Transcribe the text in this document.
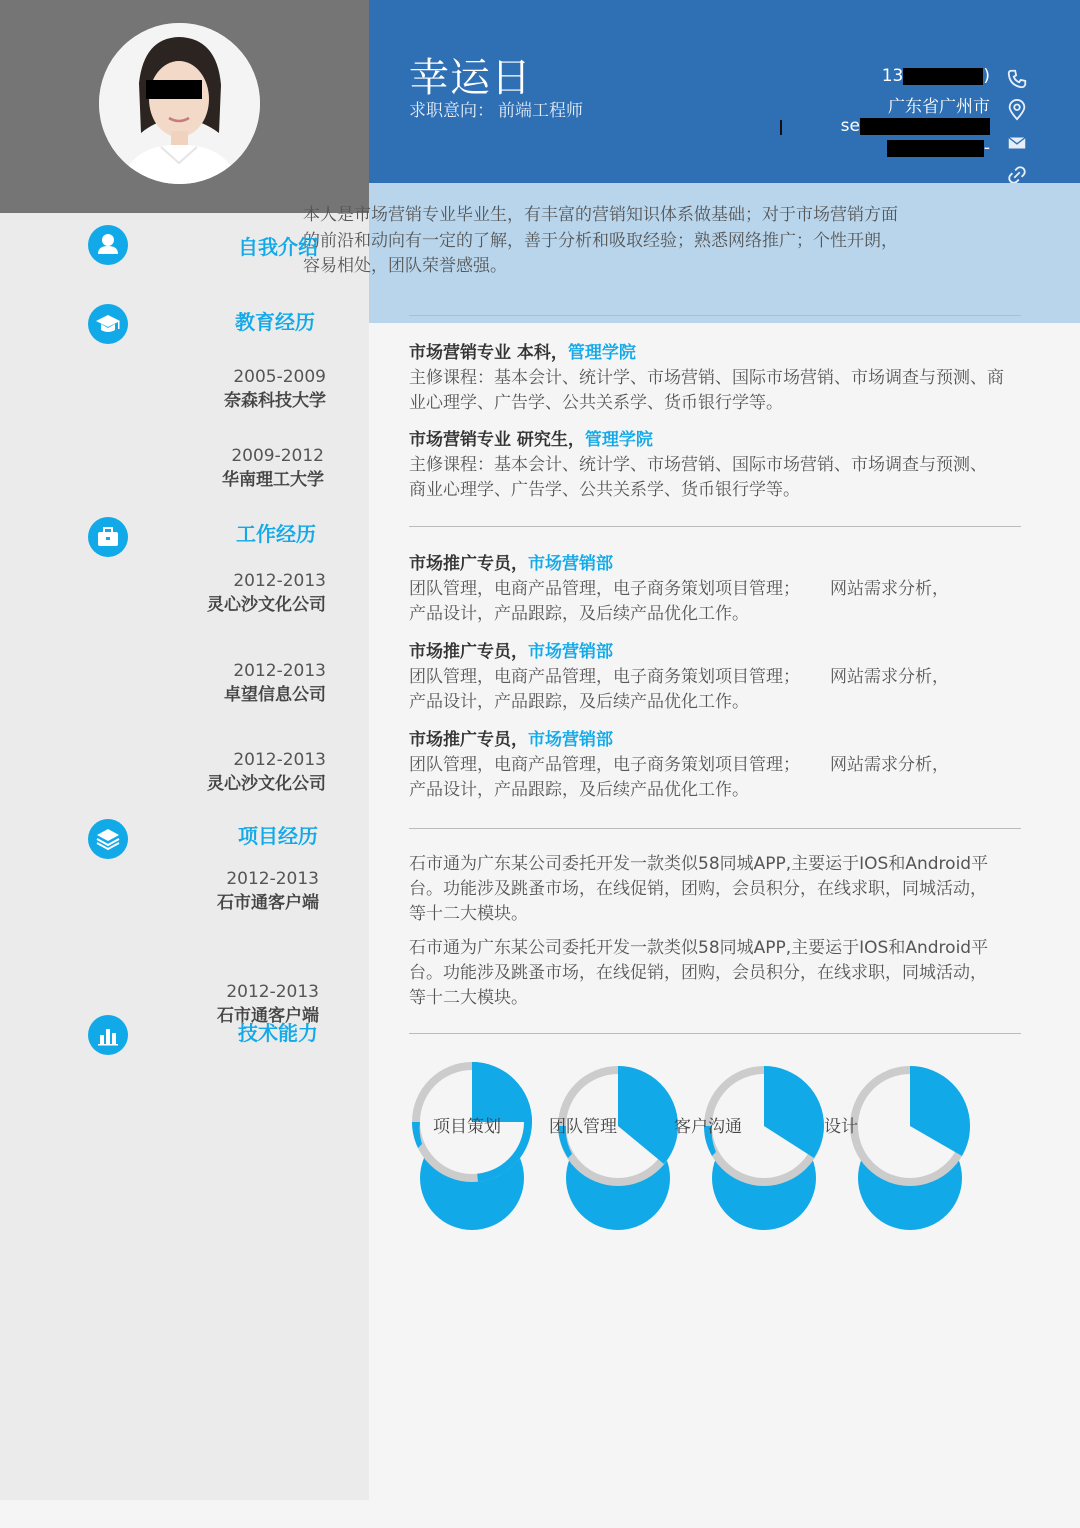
幸运日
求职意向： 前端工程师
13	)
广东省广州市
se
-
本人是市场营销专业毕业生，有丰富的营销知识体系做基础；对于市场营销方面的前沿和动向有一定的了解，善于分析和吸取经验；熟悉网络推广；个性开朗，容易相处，团队荣誉感强。
自我介绍
教育经历
2005-2009
奈森科技大学
2009-2012
华南理工大学
工作经历
2012-2013
灵心沙文化公司
2012-2013
卓望信息公司
2012-2013
灵心沙文化公司
项目经历
2012-2013
石市通客户端
2012-2013
石市通客户端
技术能力
市场营销专业 本科，管理学院
主修课程：基本会计、统计学、市场营销、国际市场营销、市场调查与预测、商业心理学、广告学、公共关系学、货币银行学等。
市场营销专业 研究生，管理学院
主修课程：基本会计、统计学、市场营销、国际市场营销、市场调查与预测、商业心理学、广告学、公共关系学、货币银行学等。
市场推广专员，市场营销部
团队管理，电商产品管理，电子商务策划项目管理； 网站需求分析，
产品设计，产品跟踪，及后续产品优化工作。
市场推广专员，市场营销部
团队管理，电商产品管理，电子商务策划项目管理； 网站需求分析，
产品设计，产品跟踪，及后续产品优化工作。
市场推广专员，市场营销部
团队管理，电商产品管理，电子商务策划项目管理； 网站需求分析，
产品设计，产品跟踪，及后续产品优化工作。
石市通为广东某公司委托开发一款类似58同城APP,主要运于IOS和Android平台。功能涉及跳蚤市场，在线促销，团购，会员积分，在线求职，同城活动，等十二大模块。
石市通为广东某公司委托开发一款类似58同城APP,主要运于IOS和Android平台。功能涉及跳蚤市场，在线促销，团购，会员积分，在线求职，同城活动，等十二大模块。
项目策划	团队管理	客户沟通	设计
